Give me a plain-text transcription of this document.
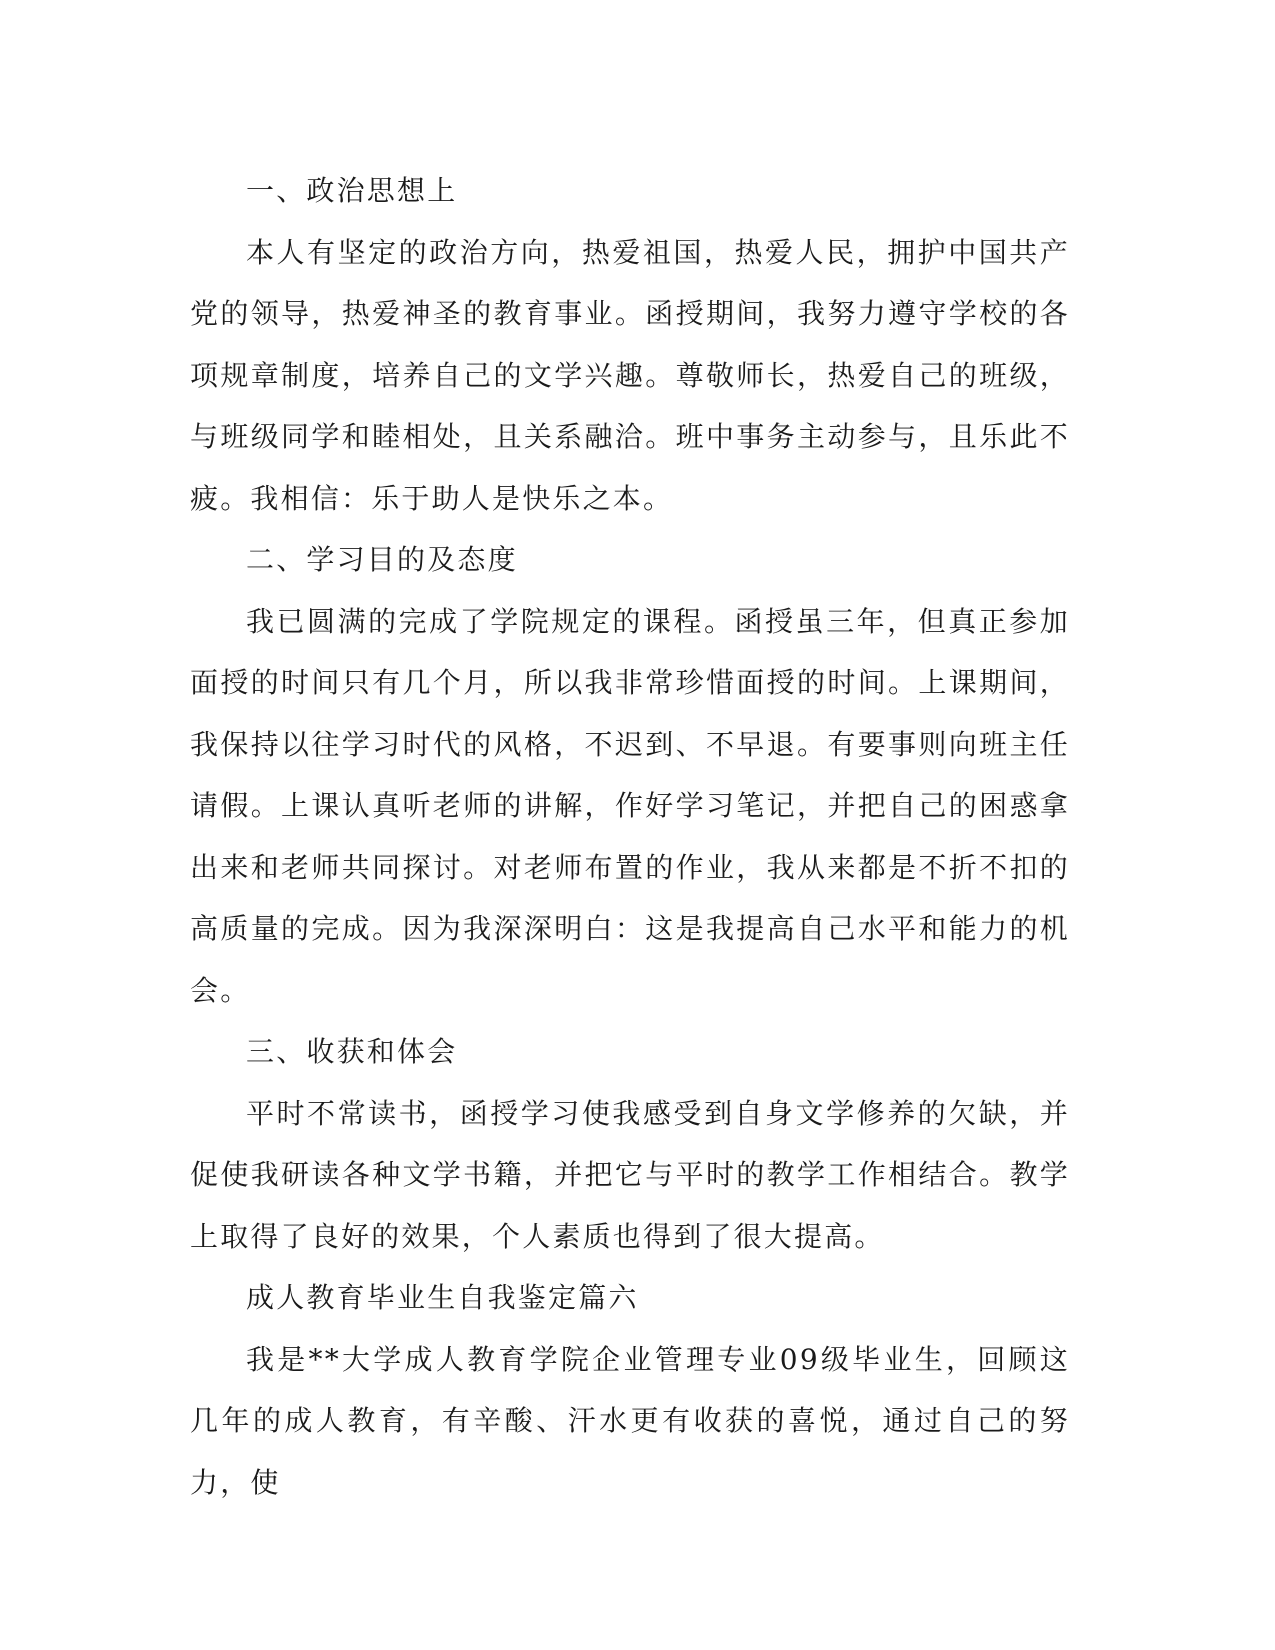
一、政治思想上

本人有坚定的政治方向，热爱祖国，热爱人民，拥护中国共产党的领导，热爱神圣的教育事业。函授期间，我努力遵守学校的各项规章制度，培养自己的文学兴趣。尊敬师长，热爱自己的班级，与班级同学和睦相处，且关系融洽。班中事务主动参与，且乐此不疲。我相信：乐于助人是快乐之本。

二、学习目的及态度

我已圆满的完成了学院规定的课程。函授虽三年，但真正参加面授的时间只有几个月，所以我非常珍惜面授的时间。上课期间，我保持以往学习时代的风格，不迟到、不早退。有要事则向班主任请假。上课认真听老师的讲解，作好学习笔记，并把自己的困惑拿出来和老师共同探讨。对老师布置的作业，我从来都是不折不扣的高质量的完成。因为我深深明白：这是我提高自己水平和能力的机会。

三、收获和体会

平时不常读书，函授学习使我感受到自身文学修养的欠缺，并促使我研读各种文学书籍，并把它与平时的教学工作相结合。教学上取得了良好的效果，个人素质也得到了很大提高。

成人教育毕业生自我鉴定篇六

我是**大学成人教育学院企业管理专业09级毕业生，回顾这几年的成人教育，有辛酸、汗水更有收获的喜悦，通过自己的努力，使
